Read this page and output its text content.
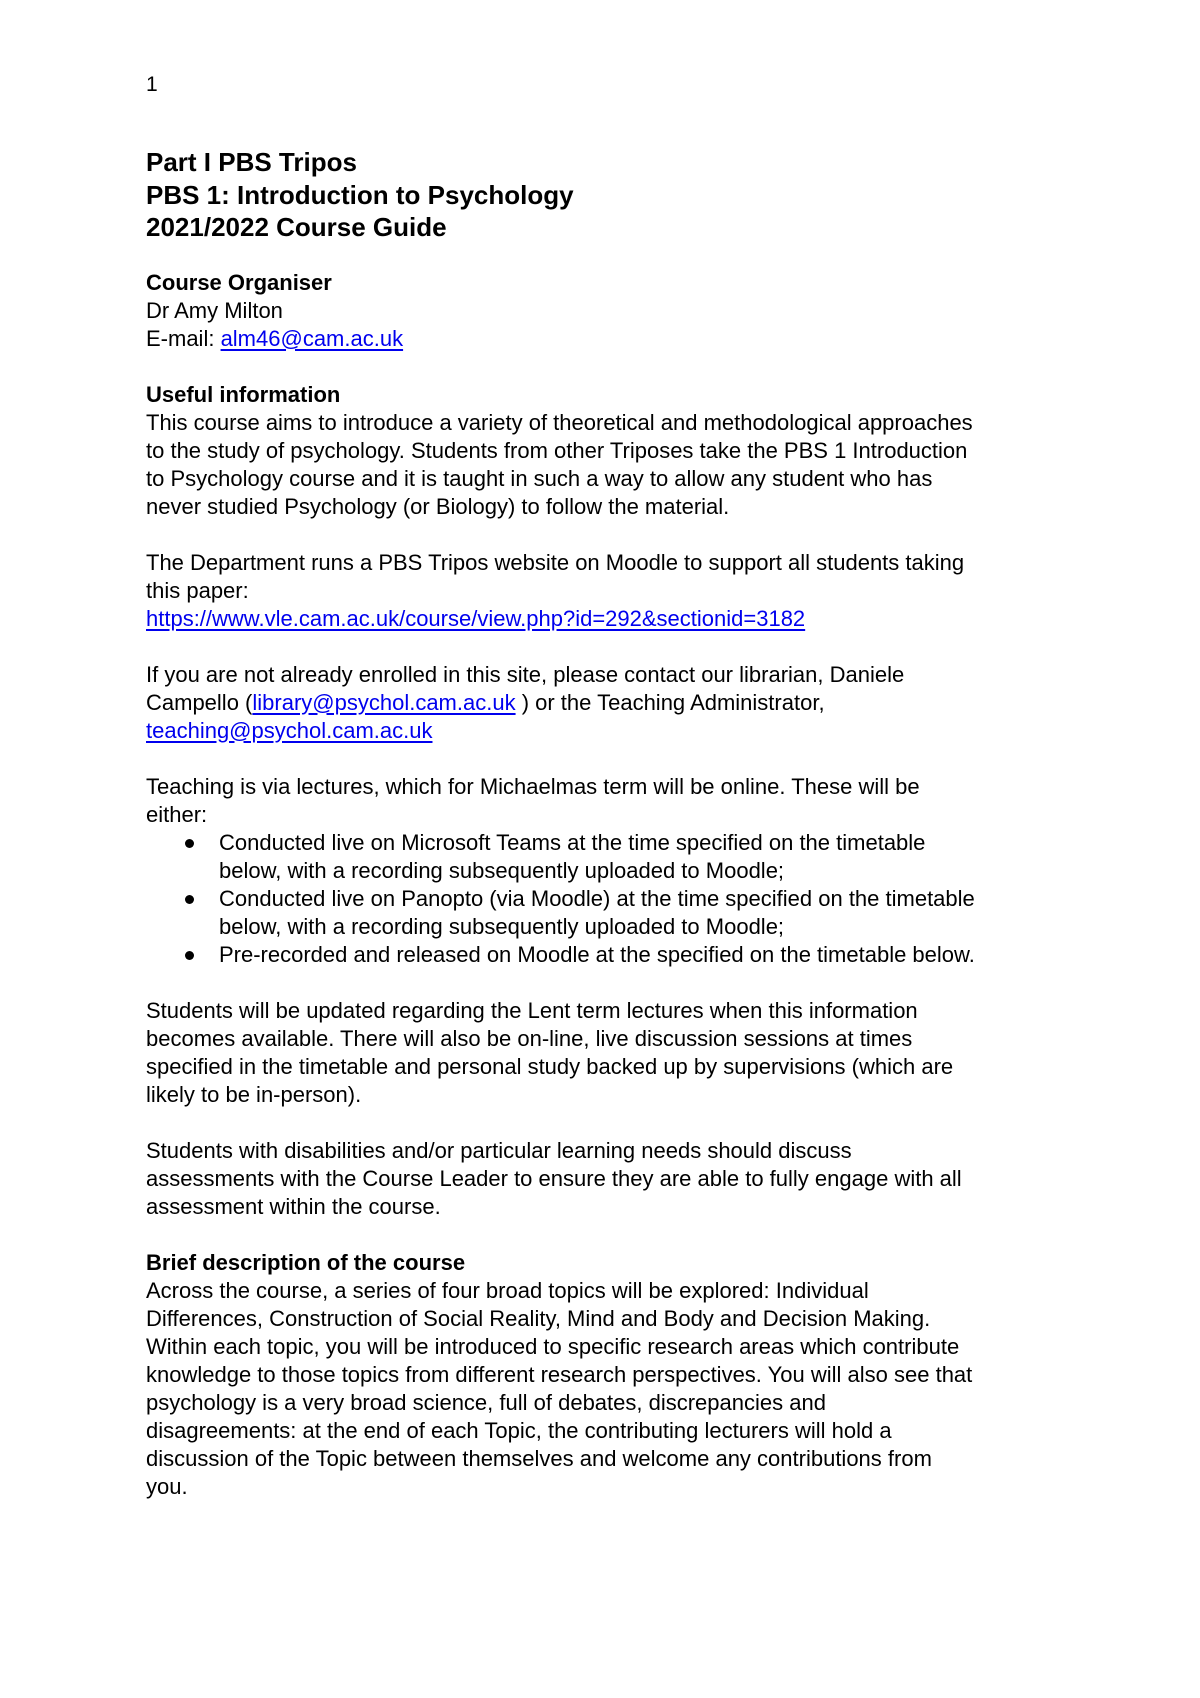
1
Part I PBS Tripos
PBS 1: Introduction to Psychology
2021/2022 Course Guide
Course Organiser
Dr Amy Milton
E-mail: alm46@cam.ac.uk
Useful information
This course aims to introduce a variety of theoretical and methodological approaches
to the study of psychology. Students from other Triposes take the PBS 1 Introduction
to Psychology course and it is taught in such a way to allow any student who has
never studied Psychology (or Biology) to follow the material.
The Department runs a PBS Tripos website on Moodle to support all students taking
this paper:
https://www.vle.cam.ac.uk/course/view.php?id=292&sectionid=3182
If you are not already enrolled in this site, please contact our librarian, Daniele
Campello (library@psychol.cam.ac.uk ) or the Teaching Administrator,
teaching@psychol.cam.ac.uk
Teaching is via lectures, which for Michaelmas term will be online. These will be
either:
Conducted live on Microsoft Teams at the time specified on the timetable
below, with a recording subsequently uploaded to Moodle;
Conducted live on Panopto (via Moodle) at the time specified on the timetable
below, with a recording subsequently uploaded to Moodle;
Pre-recorded and released on Moodle at the specified on the timetable below.
Students will be updated regarding the Lent term lectures when this information
becomes available. There will also be on-line, live discussion sessions at times
specified in the timetable and personal study backed up by supervisions (which are
likely to be in-person).
Students with disabilities and/or particular learning needs should discuss
assessments with the Course Leader to ensure they are able to fully engage with all
assessment within the course.
Brief description of the course
Across the course, a series of four broad topics will be explored: Individual
Differences, Construction of Social Reality, Mind and Body and Decision Making.
Within each topic, you will be introduced to specific research areas which contribute
knowledge to those topics from different research perspectives. You will also see that
psychology is a very broad science, full of debates, discrepancies and
disagreements: at the end of each Topic, the contributing lecturers will hold a
discussion of the Topic between themselves and welcome any contributions from
you.
